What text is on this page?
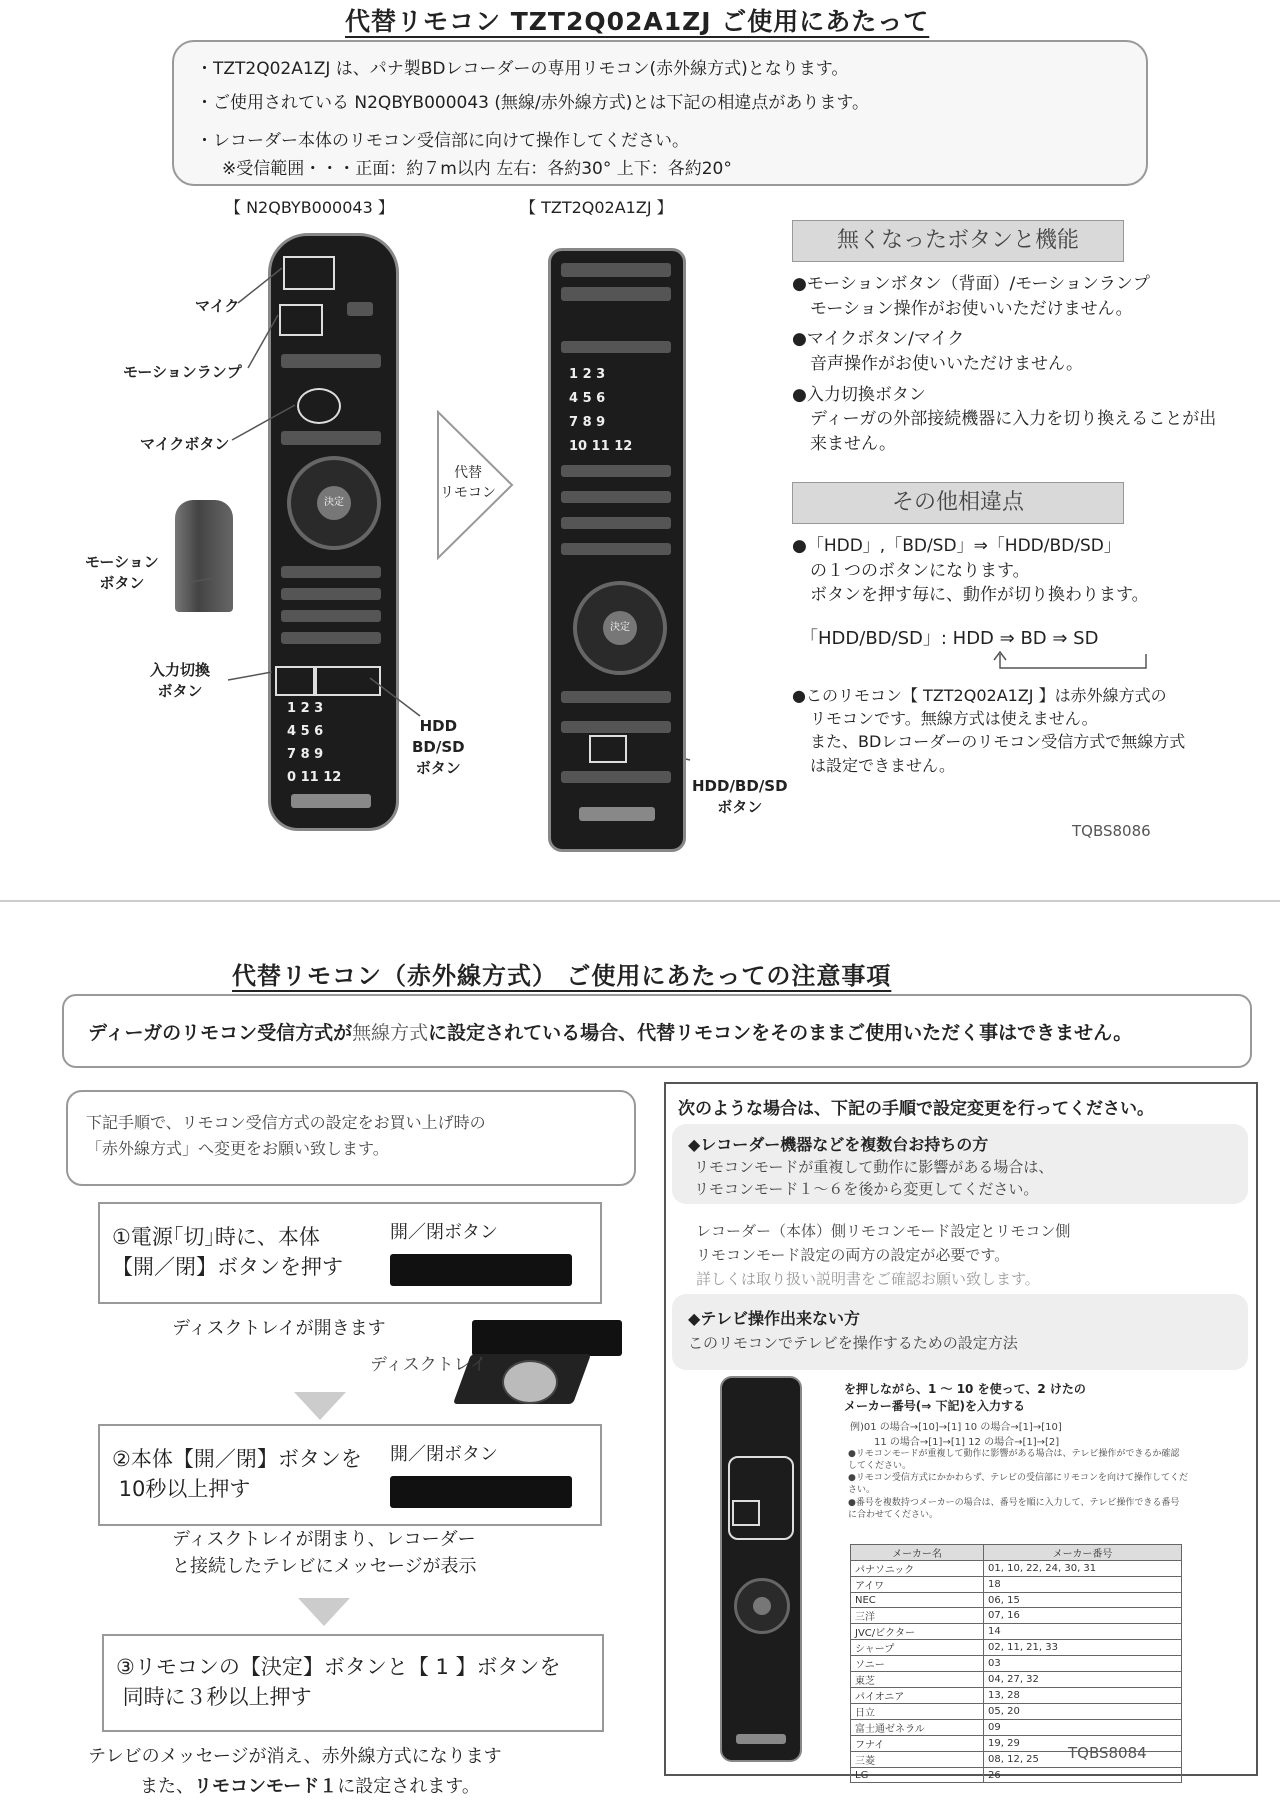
代替リモコン TZT2Q02A1ZJ ご使用にあたって
・TZT2Q02A1ZJ は、パナ製BDレコーダーの専用リモコン(赤外線方式)となります。
・ご使用されている N2QBYB000043 (無線/赤外線方式)とは下記の相違点があります。
・レコーダー本体のリモコン受信部に向けて操作してください。
※受信範囲・・・正面：約７m以内 左右：各約30° 上下：各約20°
【 N2QBYB000043 】	【 TZT2Q02A1ZJ 】
決定
1 2 3
4 5 6
7 8 9
0 11 12
マイク
モーションランプ
マイクボタン
モーション
ボタン
入力切換
ボタン
HDD
BD/SD
ボタン
代替
リモコン
1 2 3
4 5 6
7 8 9
10 11 12
決定
HDD/BD/SD
ボタン
無くなったボタンと機能
●モーションボタン（背面）/モーションランプ
モーション操作がお使いいただけません。
●マイクボタン/マイク
音声操作がお使いいただけません。
●入力切換ボタン
ディーガの外部接続機器に入力を切り換えることが出来ません。
その他相違点
●「HDD」,「BD/SD」⇒「HDD/BD/SD」
の１つのボタンになります。
ボタンを押す毎に、動作が切り換わります。
「HDD/BD/SD」: HDD ⇒ BD ⇒ SD
●このリモコン【 TZT2Q02A1ZJ 】は赤外線方式の
リモコンです。無線方式は使えません。
また、BDレコーダーのリモコン受信方式で無線方式
は設定できません。
TQBS8086
代替リモコン（赤外線方式） ご使用にあたっての注意事項
ディーガのリモコン受信方式が無線方式に設定されている場合、代替リモコンをそのままご使用いただく事はできません。
下記手順で、リモコン受信方式の設定をお買い上げ時の
「赤外線方式」へ変更をお願い致します。
①電源｢切｣時に、本体
【開／閉】ボタンを押す
開／閉ボタン
ディスクトレイが開きます
ディスクトレイ
②本体【開／閉】ボタンを
10秒以上押す
開／閉ボタン
ディスクトレイが閉まり、レコーダー
と接続したテレビにメッセージが表示
③リモコンの【決定】ボタンと【 1 】ボタンを
同時に３秒以上押す
テレビのメッセージが消え、赤外線方式になります
また、リモコンモード１に設定されます。
次のような場合は、下記の手順で設定変更を行ってください。
◆レコーダー機器などを複数台お持ちの方
リモコンモードが重複して動作に影響がある場合は、
リモコンモード１～６を後から変更してください。
レコーダー（本体）側リモコンモード設定とリモコン側
リモコンモード設定の両方の設定が必要です。
詳しくは取り扱い説明書をご確認お願い致します。
◆テレビ操作出来ない方
このリモコンでテレビを操作するための設定方法
を押しながら、1 ～ 10 を使って、2 けたの
メーカー番号(⇒ 下記)を入力する
例)01 の場合→[10]→[1] 10 の場合→[1]→[10]
11 の場合→[1]→[1] 12 の場合→[1]→[2]
●リモコンモードが重複して動作に影響がある場合は、テレビ操作ができるか確認してください。
●リモコン受信方式にかかわらず、テレビの受信部にリモコンを向けて操作してください。
●番号を複数持つメーカーの場合は、番号を順に入力して、テレビ操作できる番号に合わせてください。
メーカー名	メーカー番号
パナソニック	01, 10, 22, 24, 30, 31
アイワ	18
NEC	06, 15
三洋	07, 16
JVC/ビクター	14
シャープ	02, 11, 21, 33
ソニー	03
東芝	04, 27, 32
パイオニア	13, 28
日立	05, 20
富士通ゼネラル	09
フナイ	19, 29
三菱	08, 12, 25
LG	26
TQBS8084
